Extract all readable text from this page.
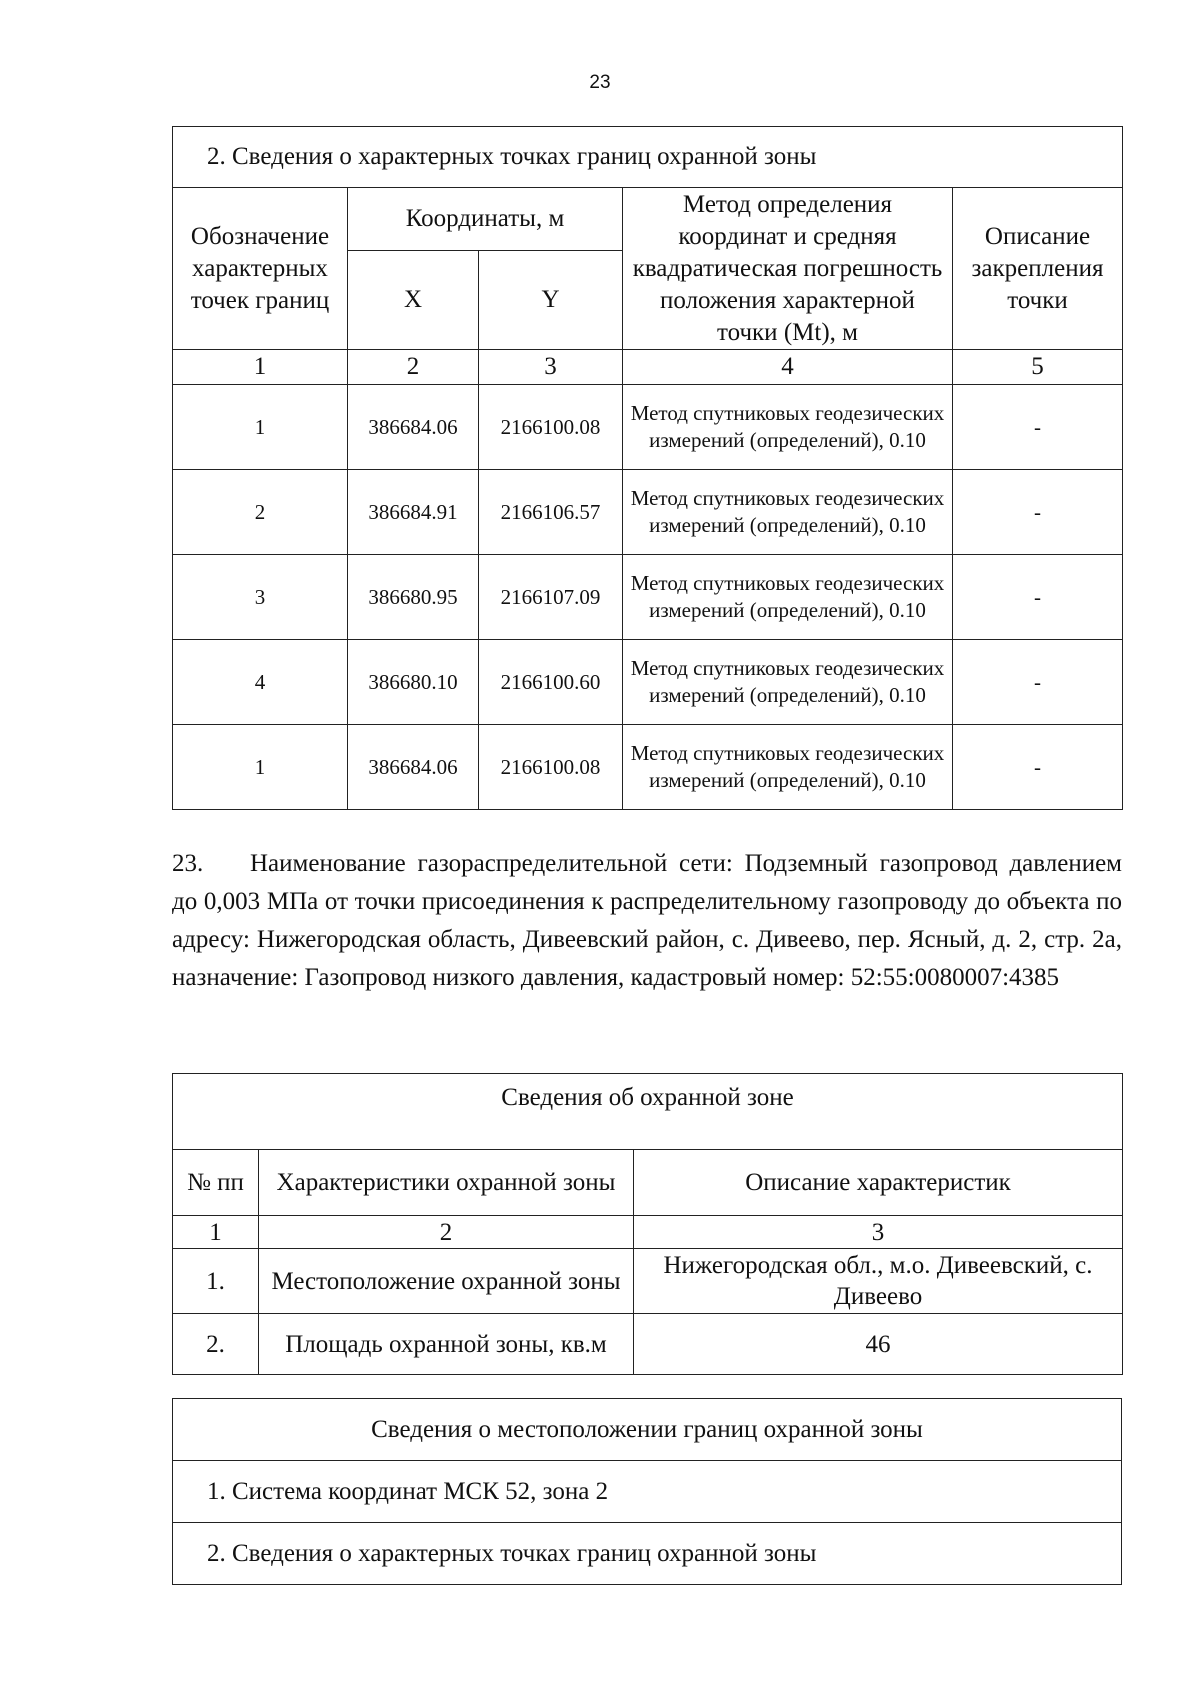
23
2. Сведения о характерных точках границ охранной зоны				
Обозначение характерных точек границ	Координаты, м		Метод определения координат и средняя квадратическая погрешность положения характерной точки (Mt), м	Описание закрепления точки
	X	Y		
1	2	3	4	5
1	386684.06	2166100.08	Метод спутниковых геодезических измерений (определений), 0.10	-
2	386684.91	2166106.57	Метод спутниковых геодезических измерений (определений), 0.10	-
3	386680.95	2166107.09	Метод спутниковых геодезических измерений (определений), 0.10	-
4	386680.10	2166100.60	Метод спутниковых геодезических измерений (определений), 0.10	-
1	386684.06	2166100.08	Метод спутниковых геодезических измерений (определений), 0.10	-

23. Наименование газораспределительной сети: Подземный газопровод давлением до 0,003 МПа от точки присоединения к распределительному газопроводу до объекта по адресу: Нижегородская область, Дивеевский район, с. Дивеево, пер. Ясный, д. 2, стр. 2а, назначение: Газопровод низкого давления, кадастровый номер: 52:55:0080007:4385

Сведения об охранной зоне		
№ пп	Характеристики охранной зоны	Описание характеристик
1	2	3
1.	Местоположение охранной зоны	Нижегородская обл., м.о. Дивеевский, с. Дивеево
2.	Площадь охранной зоны, кв.м	46
Сведения о местоположении границ охранной зоны
1. Система координат МСК 52, зона 2
2. Сведения о характерных точках границ охранной зоны
